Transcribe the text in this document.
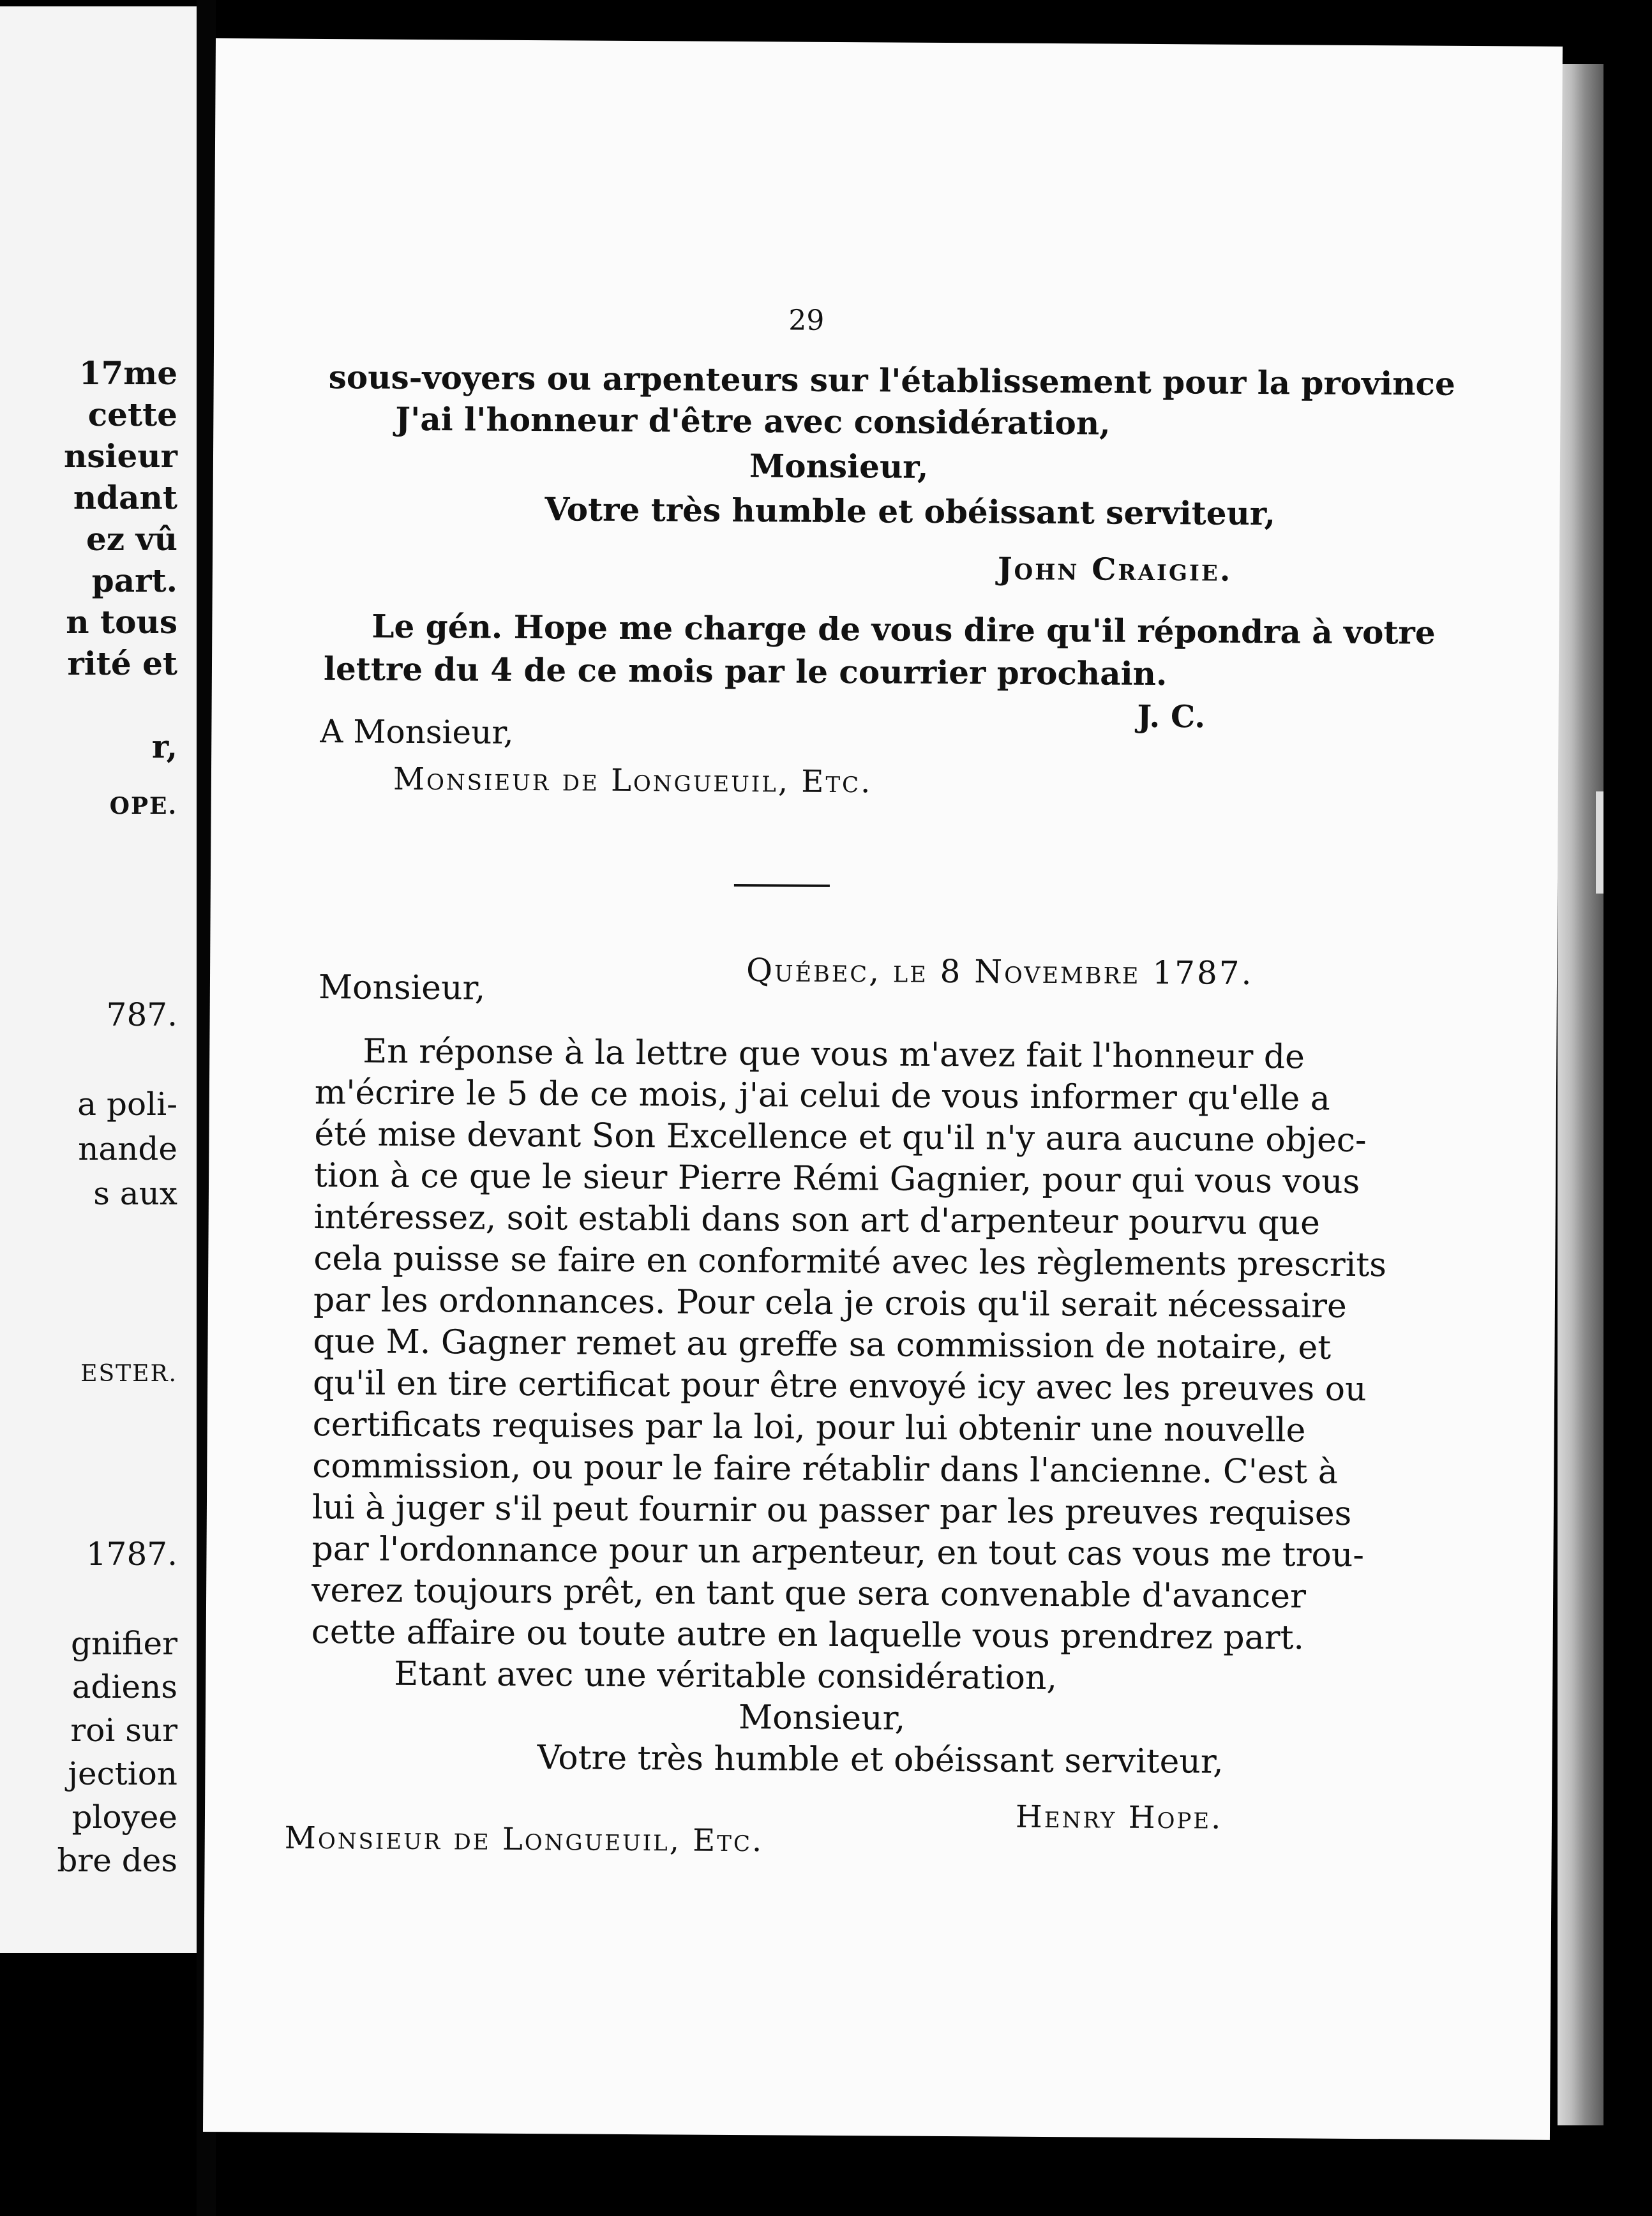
17me
cette
nsieur
ndant
ez vû
part.
n tous
rité et
r,
OPE.
787.
a poli-
nande
s aux
ESTER.
1787.
gnifier
adiens
roi sur
jection
ployee
bre des
29
sous-voyers ou arpenteurs sur l'établissement pour la province
J'ai l'honneur d'être avec considération,
Monsieur,
Votre très humble et obéissant serviteur,
John Craigie.
Le gén. Hope me charge de vous dire qu'il répondra à votre
lettre du 4 de ce mois par le courrier prochain.
J. C.
A Monsieur,
Monsieur de Longueuil, Etc.
Québec, le 8 Novembre 1787.
Monsieur,
En réponse à la lettre que vous m'avez fait l'honneur de
m'écrire le 5 de ce mois, j'ai celui de vous informer qu'elle a
été mise devant Son Excellence et qu'il n'y aura aucune objec-
tion à ce que le sieur Pierre Rémi Gagnier, pour qui vous vous
intéressez, soit establi dans son art d'arpenteur pourvu que
cela puisse se faire en conformité avec les règlements prescrits
par les ordonnances. Pour cela je crois qu'il serait nécessaire
que M. Gagner remet au greffe sa commission de notaire, et
qu'il en tire certificat pour être envoyé icy avec les preuves ou
certificats requises par la loi, pour lui obtenir une nouvelle
commission, ou pour le faire rétablir dans l'ancienne. C'est à
lui à juger s'il peut fournir ou passer par les preuves requises
par l'ordonnance pour un arpenteur, en tout cas vous me trou-
verez toujours prêt, en tant que sera convenable d'avancer
cette affaire ou toute autre en laquelle vous prendrez part.
Etant avec une véritable considération,
Monsieur,
Votre très humble et obéissant serviteur,
Henry Hope.
Monsieur de Longueuil, Etc.
